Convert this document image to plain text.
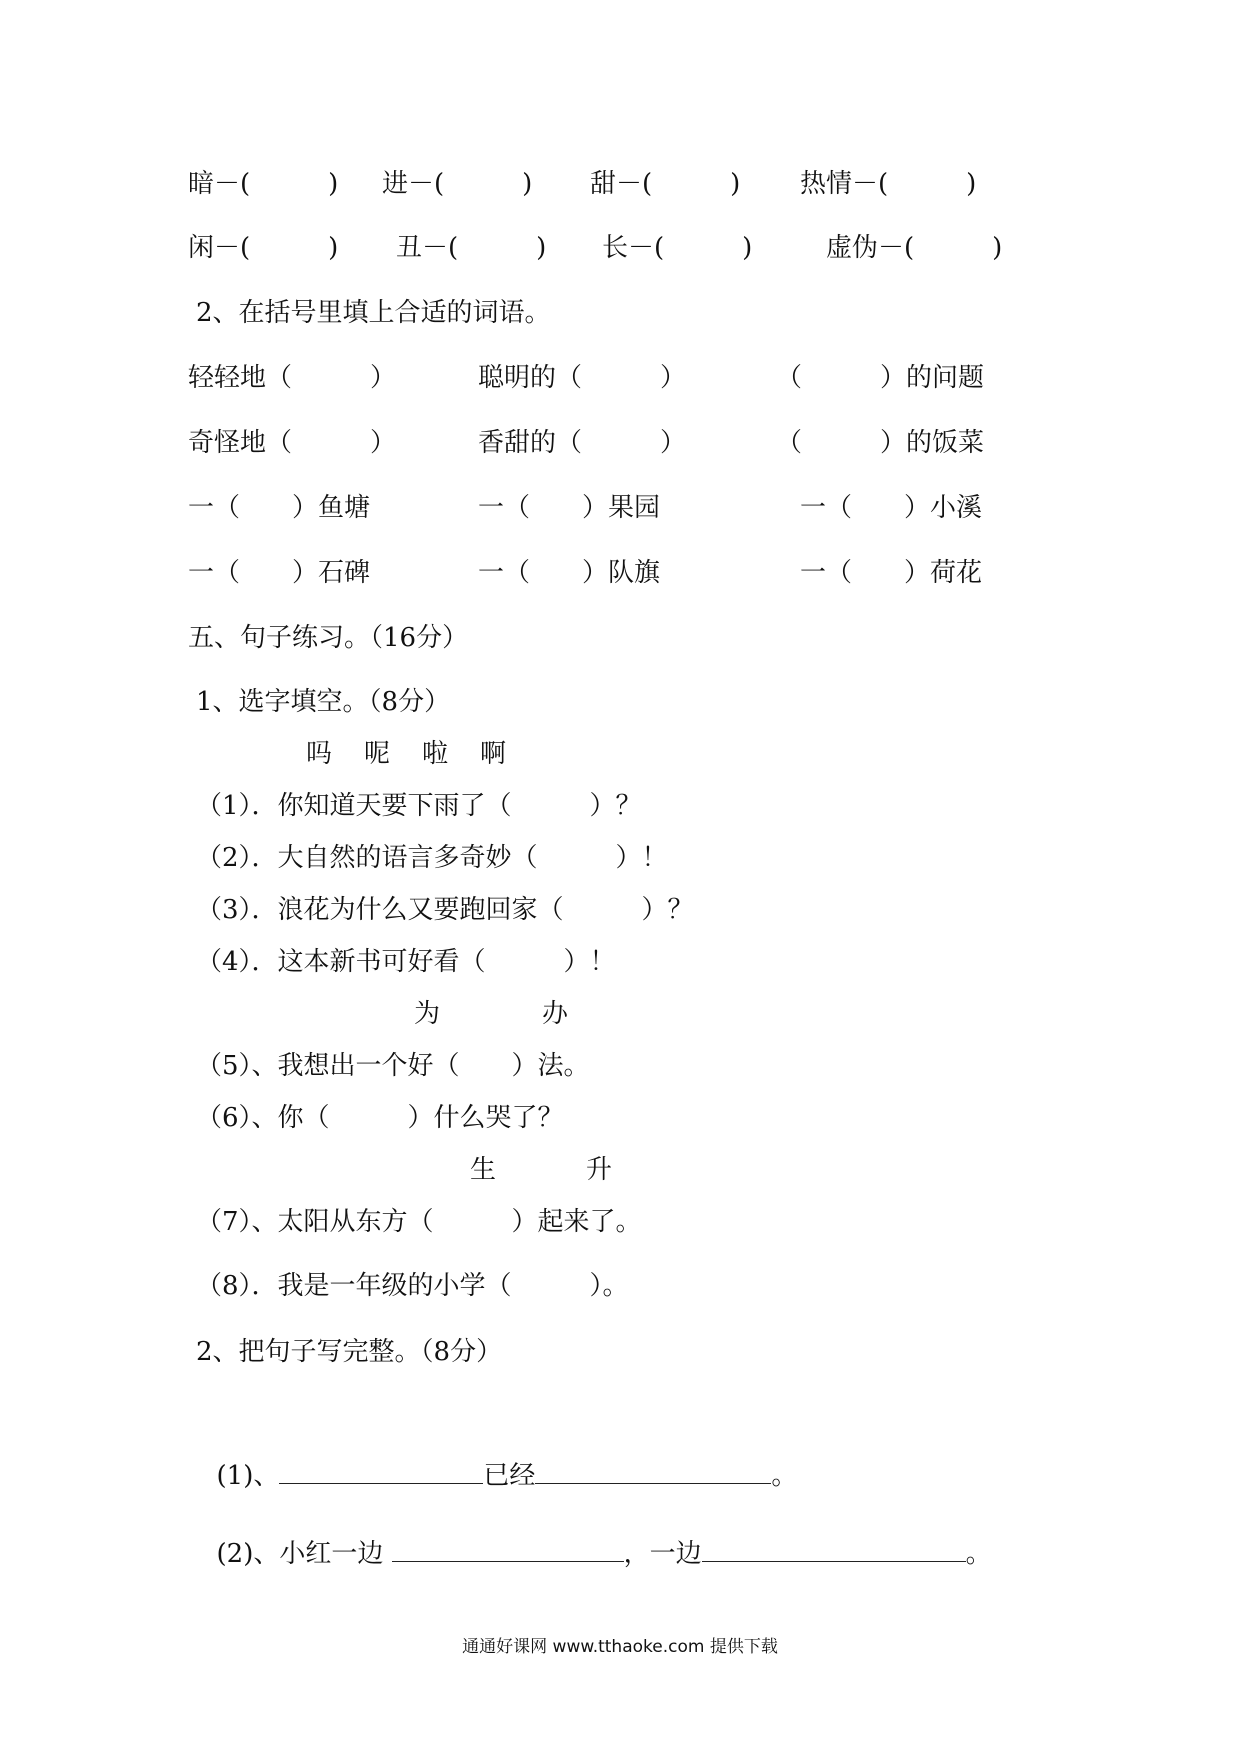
暗－(　　　) 进－(　　　) 甜－(　　　) 热情－(　　　)
闲－(　　　) 丑－(　　　) 长－(　　　)	虚伪－(　　　)
2、在括号里填上合适的词语。
轻轻地（　　　）	聪明的（　　　）	（　　　）的问题
奇怪地（　　　）	香甜的（　　　）	（　　　）的饭菜
一（　　）鱼塘	一（　　）果园	一（　　）小溪
一（　　）石碑	一（　　）队旗	一（　　）荷花
五、句子练习。（16分）
1、选字填空。（8分）
吗 呢 啦 啊
（1）．你知道天要下雨了（　　　）？
（2）．大自然的语言多奇妙（　　　）！
（3）．浪花为什么又要跑回家（　　　）？
（4）．这本新书可好看（　　　）！
为	办
（5）、我想出一个好（　　）法。
（6）、你（　　　）什么哭了？
生	升
（7）、太阳从东方（　　　）起来了。
（8）．我是一年级的小学（　　　）。
2、把句子写完整。（8分）

(1)、	已经	。

(2)、小红一边	，一边	。

通通好课网 www.tthaoke.com 提供下载
